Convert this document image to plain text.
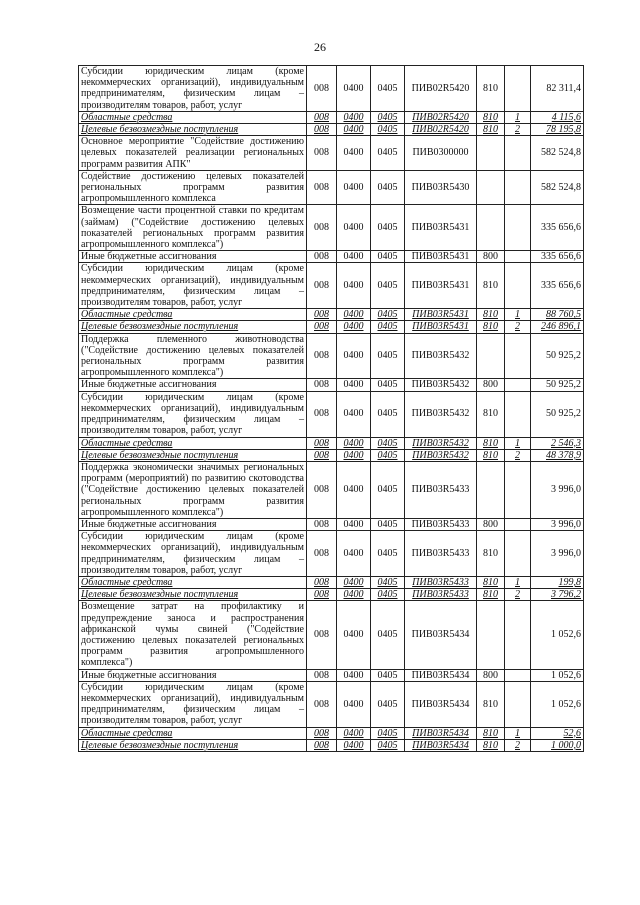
26
Субсидии юридическим лицам (кроме некоммерческих организаций), индивидуальным предпринимателям, физическим лицам – производителям товаров, работ, услуг	008	0400	0405	ПИВ02R5420	810		82 311,4
Областные средства	008	0400	0405	ПИВ02R5420	810	1	4 115,6
Целевые безвозмездные поступления	008	0400	0405	ПИВ02R5420	810	2	78 195,8
Основное мероприятие "Содействие достижению целевых показателей реализации региональных программ развития АПК"	008	0400	0405	ПИВ0300000			582 524,8
Содействие достижению целевых показателей региональных программ развития агропромышленного комплекса	008	0400	0405	ПИВ03R5430			582 524,8
Возмещение части процентной ставки по кредитам (займам) ("Содействие достижению целевых показателей региональных программ развития агропромышленного комплекса")	008	0400	0405	ПИВ03R5431			335 656,6
Иные бюджетные ассигнования	008	0400	0405	ПИВ03R5431	800		335 656,6
Субсидии юридическим лицам (кроме некоммерческих организаций), индивидуальным предпринимателям, физическим лицам – производителям товаров, работ, услуг	008	0400	0405	ПИВ03R5431	810		335 656,6
Областные средства	008	0400	0405	ПИВ03R5431	810	1	88 760,5
Целевые безвозмездные поступления	008	0400	0405	ПИВ03R5431	810	2	246 896,1
Поддержка племенного животноводства ("Содействие достижению целевых показателей региональных программ развития агропромышленного комплекса")	008	0400	0405	ПИВ03R5432			50 925,2
Иные бюджетные ассигнования	008	0400	0405	ПИВ03R5432	800		50 925,2
Субсидии юридическим лицам (кроме некоммерческих организаций), индивидуальным предпринимателям, физическим лицам – производителям товаров, работ, услуг	008	0400	0405	ПИВ03R5432	810		50 925,2
Областные средства	008	0400	0405	ПИВ03R5432	810	1	2 546,3
Целевые безвозмездные поступления	008	0400	0405	ПИВ03R5432	810	2	48 378,9
Поддержка экономически значимых региональных программ (мероприятий) по развитию скотоводства ("Содействие достижению целевых показателей региональных программ развития агропромышленного комплекса")	008	0400	0405	ПИВ03R5433			3 996,0
Иные бюджетные ассигнования	008	0400	0405	ПИВ03R5433	800		3 996,0
Субсидии юридическим лицам (кроме некоммерческих организаций), индивидуальным предпринимателям, физическим лицам – производителям товаров, работ, услуг	008	0400	0405	ПИВ03R5433	810		3 996,0
Областные средства	008	0400	0405	ПИВ03R5433	810	1	199,8
Целевые безвозмездные поступления	008	0400	0405	ПИВ03R5433	810	2	3 796,2
Возмещение затрат на профилактику и предупреждение заноса и распространения африканской чумы свиней ("Содействие достижению целевых показателей региональных программ развития агропромышленного комплекса")	008	0400	0405	ПИВ03R5434			1 052,6
Иные бюджетные ассигнования	008	0400	0405	ПИВ03R5434	800		1 052,6
Субсидии юридическим лицам (кроме некоммерческих организаций), индивидуальным предпринимателям, физическим лицам – производителям товаров, работ, услуг	008	0400	0405	ПИВ03R5434	810		1 052,6
Областные средства	008	0400	0405	ПИВ03R5434	810	1	52,6
Целевые безвозмездные поступления	008	0400	0405	ПИВ03R5434	810	2	1 000,0
